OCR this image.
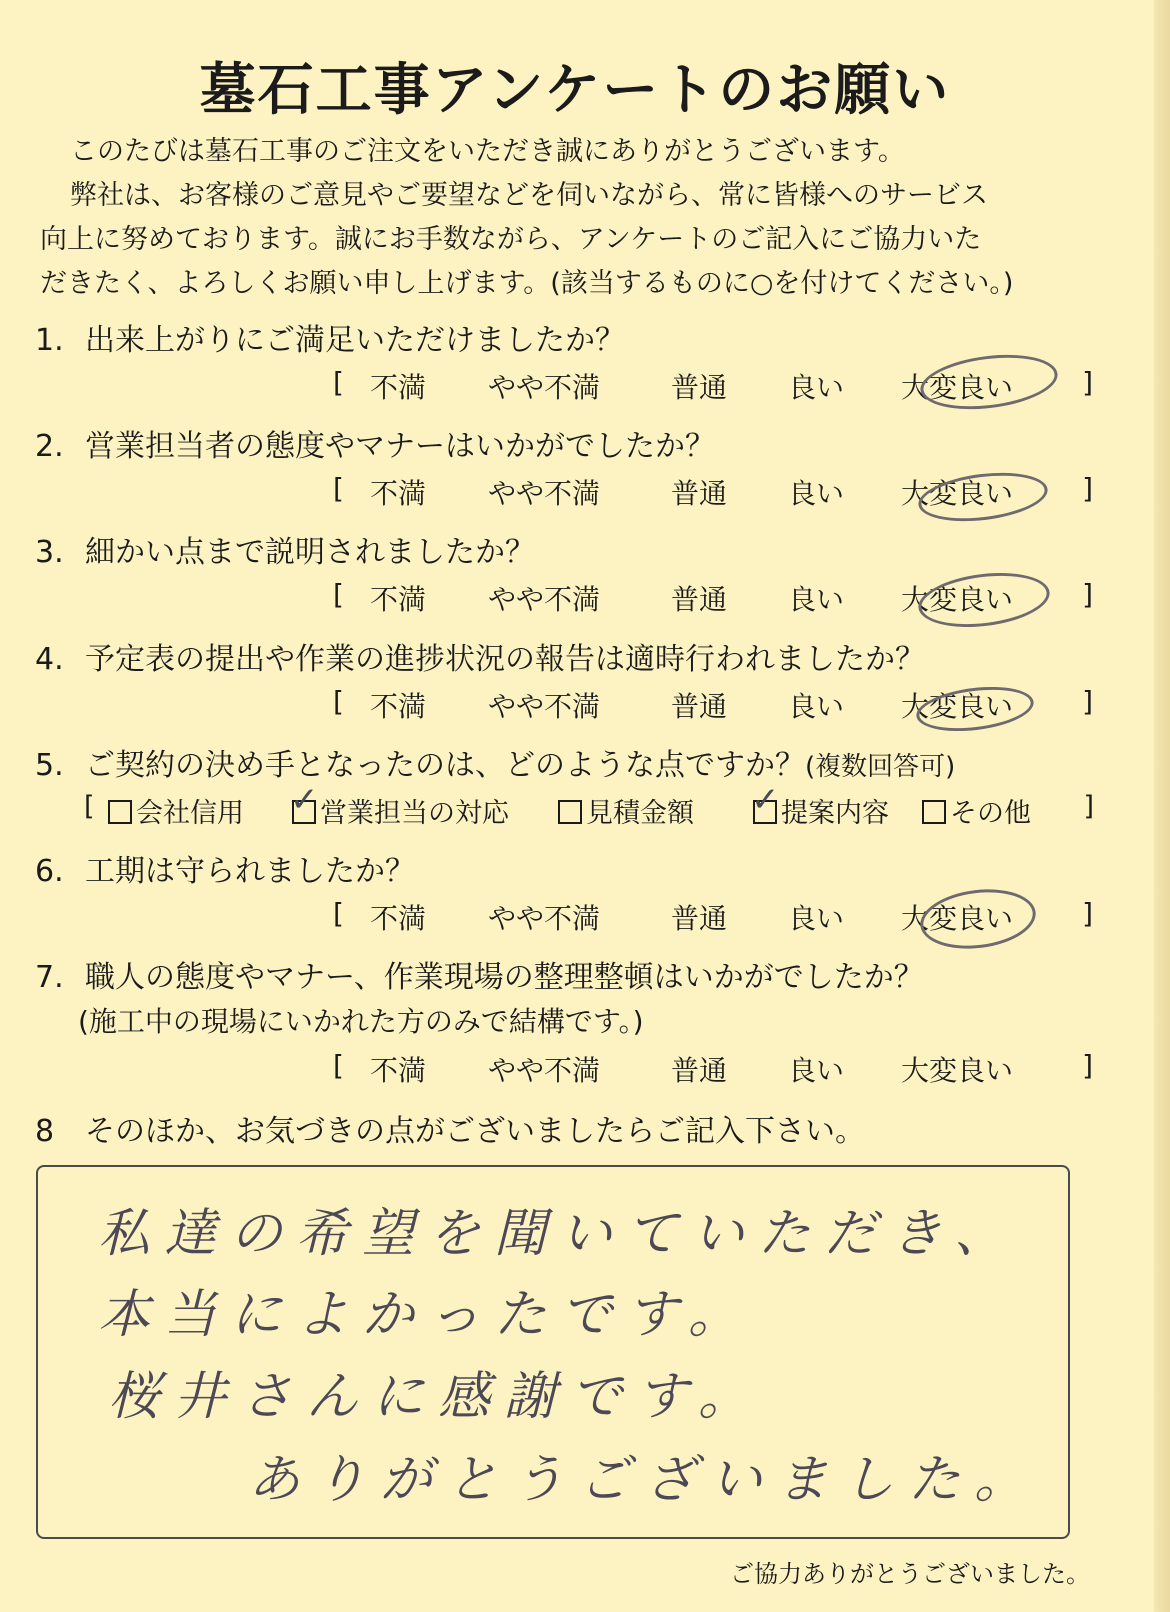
墓石工事アンケートのお願い
このたびは墓石工事のご注文をいただき誠にありがとうございます。
弊社は、お客様のご意見やご要望などを伺いながら、常に皆様へのサービス
向上に努めております。誠にお手数ながら、アンケートのご記入にご協力いた
だきたく、よろしくお願い申し上げます。(該当するものに○を付けてください。)
1. 出来上がりにご満足いただけましたか？
[ 不満 やや不満	普通 良い 大変良い ]
2. 営業担当者の態度やマナーはいかがでしたか？
[ 不満 やや不満	普通 良い 大変良い ]
3. 細かい点まで説明されましたか？
[ 不満 やや不満	普通 良い 大変良い ]
4. 予定表の提出や作業の進捗状況の報告は適時行われましたか？
[ 不満 やや不満	普通 良い 大変良い ]
5. ご契約の決め手となったのは、どのような点ですか？(複数回答可)
[	会社信用 ✓ 営業担当の対応	見積金額 ✓ 提案内容	その他 ]
6. 工期は守られましたか？
[ 不満 やや不満	普通 良い 大変良い ]
7. 職人の態度やマナー、作業現場の整理整頓はいかがでしたか？
(施工中の現場にいかれた方のみで結構です。)
[ 不満 やや不満	普通 良い 大変良い ]
8 そのほか、お気づきの点がございましたらご記入下さい。
私達の希望を聞いていただき、
本当によかったです。
桜井さんに感謝です。
ありがとうございました。
ご協力ありがとうございました。
